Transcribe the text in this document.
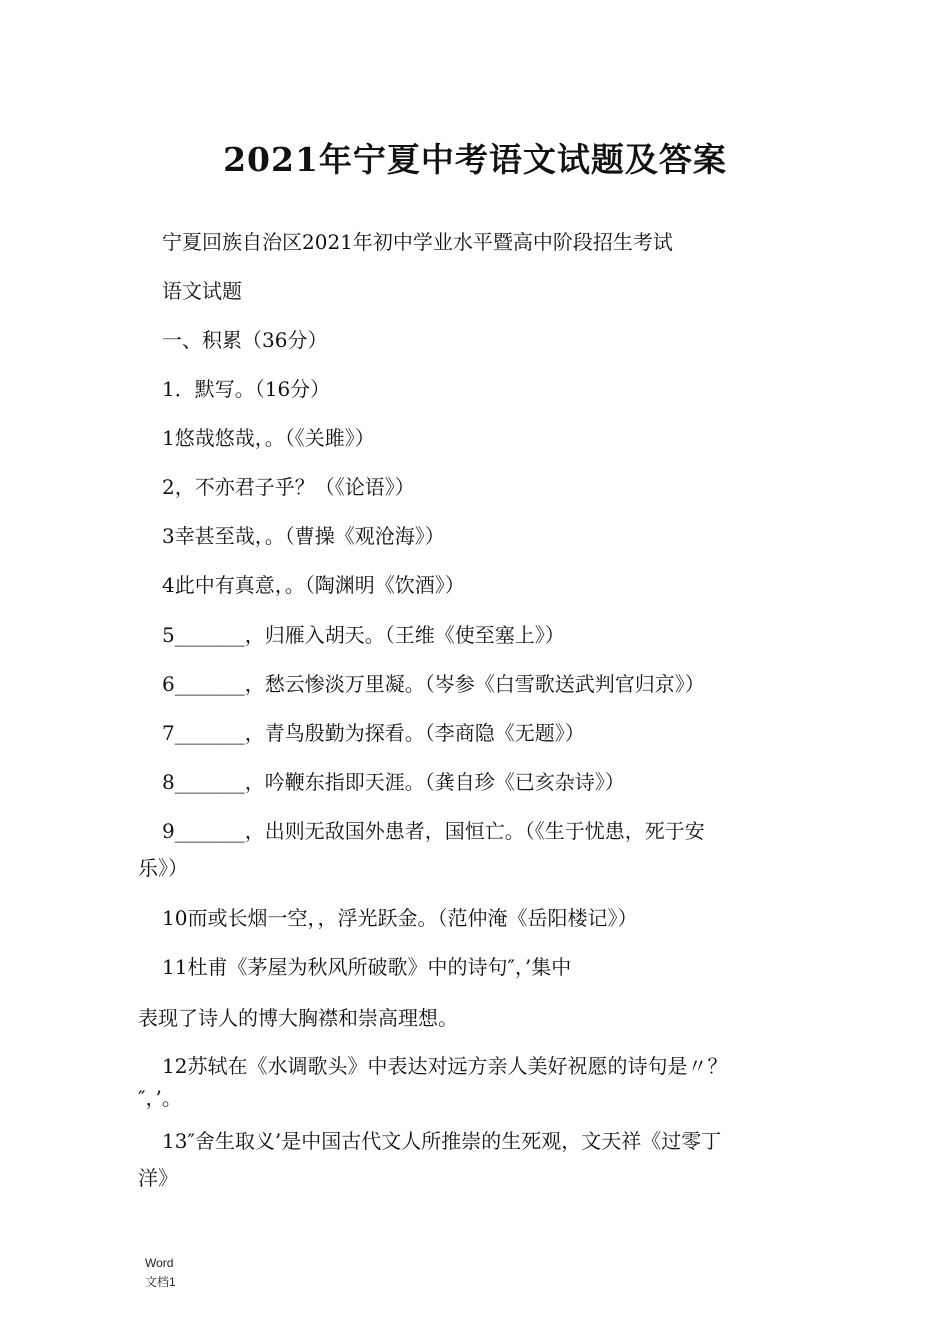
2021年宁夏中考语文试题及答案
宁夏回族自治区2021年初中学业水平暨高中阶段招生考试
语文试题
一、积累（36分）
1．默写。（16分）
1悠哉悠哉，。（《关雎》）
2，不亦君子乎？（《论语》）
3幸甚至哉，。（曹操《观沧海》）
4此中有真意，。（陶渊明《饮酒》）
5_______，归雁入胡天。（王维《使至塞上》）
6_______，愁云惨淡万里凝。（岑参《白雪歌送武判官归京》）
7_______，青鸟殷勤为探看。（李商隐《无题》）
8_______，吟鞭东指即天涯。（龚自珍《已亥杂诗》）
9_______，出则无敌国外患者，国恒亡。（《生于忧患，死于安
乐》）
10而或长烟一空，，浮光跃金。（范仲淹《岳阳楼记》）
11杜甫《茅屋为秋风所破歌》中的诗句″，’集中
表现了诗人的博大胸襟和崇高理想。
12苏轼在《水调歌头》中表达对远方亲人美好祝愿的诗句是〃？
″，’。
13″舍生取义’是中国古代文人所推崇的生死观，文天祥《过零丁
洋》
Word
文档1
